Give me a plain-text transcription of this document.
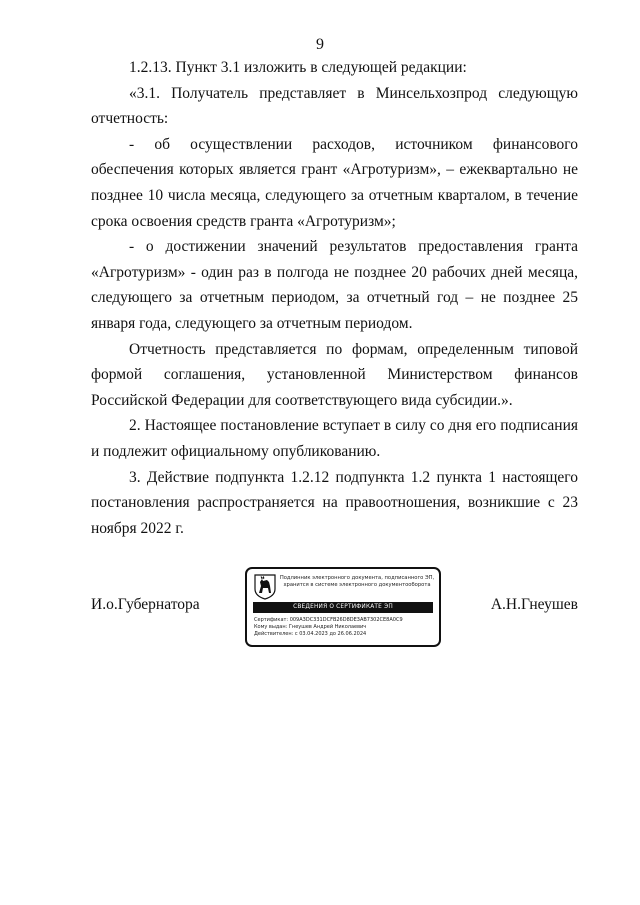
9

1.2.13. Пункт 3.1 изложить в следующей редакции:

«3.1. Получатель представляет в Минсельхозпрод следующую отчетность:

- об осуществлении расходов, источником финансового обеспечения которых является грант «Агротуризм», – ежеквартально не позднее 10 числа месяца, следующего за отчетным кварталом, в течение срока освоения средств гранта «Агротуризм»;

- о достижении значений результатов предоставления гранта «Агротуризм» - один раз в полгода не позднее 20 рабочих дней месяца, следующего за отчетным периодом, за отчетный год – не позднее 25 января года, следующего за отчетным периодом.

Отчетность представляется по формам, определенным типовой формой соглашения, установленной Министерством финансов Российской Федерации для соответствующего вида субсидии.».

2. Настоящее постановление вступает в силу со дня его подписания и подлежит официальному опубликованию.

3. Действие подпункта 1.2.12 подпункта 1.2 пункта 1 настоящего постановления распространяется на правоотношения, возникшие с 23 ноября 2022 г.

И.о.Губернатора	А.Н.Гнеушев
Подлинник электронного документа, подписанного ЭП,
хранится в системе электронного документооборота
СВЕДЕНИЯ О СЕРТИФИКАТЕ ЭП
Сертификат: 009A3DC331DCFB26D8DE3AB7302CE8A0C9
Кому выдан: Гнеушев Андрей Николаевич
Действителен: с 03.04.2023 до 26.06.2024
